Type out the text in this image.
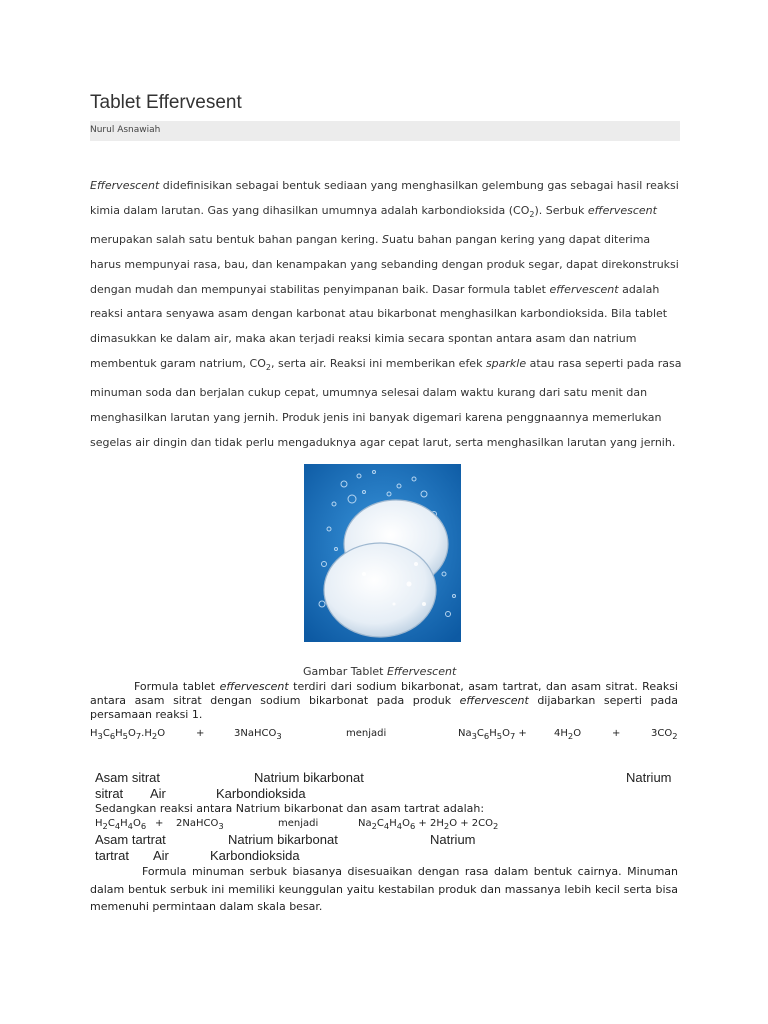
Tablet Effervesent
Nurul Asnawiah

Effervescent didefinisikan sebagai bentuk sediaan yang menghasilkan gelembung gas sebagai hasil reaksi kimia dalam larutan. Gas yang dihasilkan umumnya adalah karbondioksida $(CO_2)$. Serbuk effervescent merupakan salah satu bentuk bahan pangan kering. Suatu bahan pangan kering yang dapat diterima harus mempunyai rasa, bau, dan kenampakan yang sebanding dengan produk segar, dapat direkonstruksi dengan mudah dan mempunyai stabilitas penyimpanan baik. Dasar formula tablet effervescent adalah reaksi antara senyawa asam dengan karbonat atau bikarbonat menghasilkan karbondioksida. Bila tablet dimasukkan ke dalam air, maka akan terjadi reaksi kimia secara spontan antara asam dan natrium membentuk garam natrium, $CO_2$, serta air. Reaksi ini memberikan efek sparkle atau rasa seperti pada rasa minuman soda dan berjalan cukup cepat, umumnya selesai dalam waktu kurang dari satu menit dan menghasilkan larutan yang jernih. Produk jenis ini banyak digemari karena penggnaannya memerlukan segelas air dingin dan tidak perlu mengaduknya agar cepat larut, serta menghasilkan larutan yang jernih.

Gambar Tablet Effervescent
Formula tablet effervescent terdiri dari sodium bikarbonat, asam tartrat, dan asam sitrat. Reaksi antara asam sitrat dengan sodium bikarbonat pada produk effervescent dijabarkan seperti pada persamaan reaksi 1.
$H_3C_6H_5O_7.H_2O$	+	3NaHCO$_3$	menjadi	$Na_3C_6H_5O_7$ +	$4H_2O$	+	$3CO_2$
Asam sitrat	Natrium bikarbonat	Natrium
sitrat Air	Karbondioksida
Sedangkan reaksi antara Natrium bikarbonat dan asam tartrat adalah:
$H_2C_4H_4O_6$ + 2NaHCO$_3$	menjadi	$Na_2C_4H_4O_6 + 2H_2O + 2CO_2$
Asam tartrat	Natrium bikarbonat	Natrium
tartrat Air	Karbondioksida
Formula minuman serbuk biasanya disesuaikan dengan rasa dalam bentuk cairnya. Minuman dalam bentuk serbuk ini memiliki keunggulan yaitu kestabilan produk dan massanya lebih kecil serta bisa memenuhi permintaan dalam skala besar.
